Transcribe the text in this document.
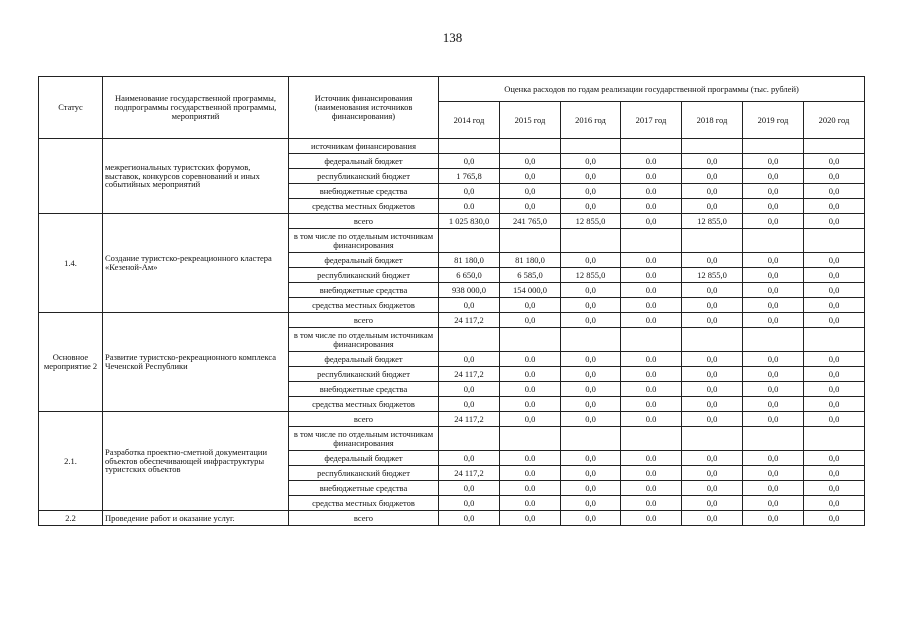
138
Статус	Наименование государственной программы, подпрограммы государственной программы, мероприятий	Источник финансирования (наименования источников финансирования)	Оценка расходов по годам реализации государственной программы (тыс. рублей)						
			2014 год	2015 год	2016 год	2017 год	2018 год	2019 год	2020 год
	межрегиональных туристских форумов, выставок, конкурсов соревнований и иных событийных мероприятий	источникам финансирования							
		федеральный бюджет	0,0	0,0	0,0	0.0	0,0	0,0	0,0
		республиканский бюджет	1 765,8	0,0	0,0	0.0	0,0	0,0	0,0
		внебюджетные средства	0,0	0,0	0,0	0.0	0,0	0,0	0,0
		средства местных бюджетов	0.0	0,0	0,0	0.0	0,0	0,0	0,0
1.4.	Создание туристско-рекреационного кластера «Кезеной-Ам»	всего	1 025 830,0	241 765,0	12 855,0	0,0	12 855,0	0,0	0,0
		в том числе по отдельным источникам финансирования							
		федеральный бюджет	81 180,0	81 180,0	0,0	0.0	0,0	0,0	0,0
		республиканский бюджет	6 650,0	6 585,0	12 855,0	0.0	12 855,0	0,0	0,0
		внебюджетные средства	938 000,0	154 000,0	0,0	0.0	0,0	0,0	0,0
		средства местных бюджетов	0,0	0,0	0,0	0.0	0,0	0,0	0,0
Основное мероприятие 2	Развитие туристско-рекреационного комплекса Чеченской Республики	всего	24 117,2	0,0	0,0	0.0	0,0	0,0	0,0
		в том числе по отдельным источникам финансирования							
		федеральный бюджет	0,0	0.0	0,0	0.0	0,0	0,0	0,0
		республиканский бюджет	24 117,2	0.0	0,0	0.0	0,0	0,0	0,0
		внебюджетные средства	0,0	0.0	0,0	0.0	0,0	0,0	0,0
		средства местных бюджетов	0,0	0.0	0,0	0.0	0,0	0,0	0,0
2.1.	Разработка проектно-сметной документации объектов обеспечивающей инфраструктуры туристских объектов	всего	24 117,2	0,0	0,0	0.0	0,0	0,0	0,0
		в том числе по отдельным источникам финансирования							
		федеральный бюджет	0,0	0.0	0,0	0.0	0,0	0,0	0,0
		республиканский бюджет	24 117,2	0.0	0,0	0.0	0,0	0,0	0,0
		внебюджетные средства	0,0	0.0	0,0	0.0	0,0	0,0	0,0
		средства местных бюджетов	0,0	0.0	0,0	0.0	0,0	0,0	0,0
2.2	Проведение работ и оказание услуг.	всего	0,0	0,0	0,0	0.0	0,0	0,0	0,0
